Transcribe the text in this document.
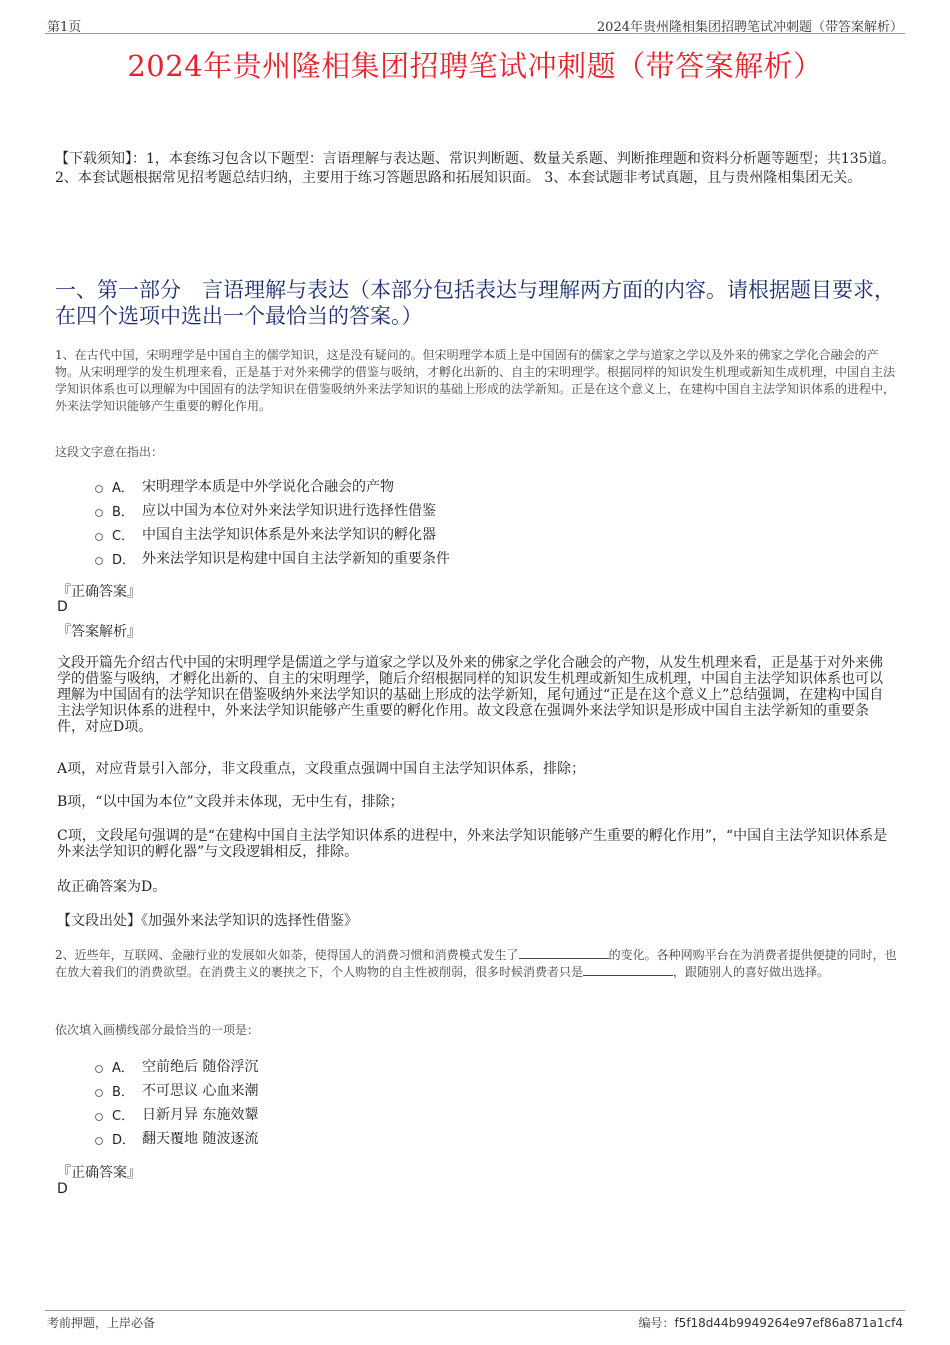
第1页	2024年贵州隆相集团招聘笔试冲刺题（带答案解析）
2024年贵州隆相集团招聘笔试冲刺题（带答案解析）
【下载须知】：1，本套练习包含以下题型：言语理解与表达题、常识判断题、数量关系题、判断推理题和资料分析题等题型；共135道。 2、本套试题根据常见招考题总结归纳，主要用于练习答题思路和拓展知识面。 3、本套试题非考试真题，且与贵州隆相集团无关。
一、第一部分　言语理解与表达（本部分包括表达与理解两方面的内容。请根据题目要求，在四个选项中选出一个最恰当的答案。）
1、在古代中国，宋明理学是中国自主的儒学知识，这是没有疑问的。但宋明理学本质上是中国固有的儒家之学与道家之学以及外来的佛家之学化合融会的产物。从宋明理学的发生机理来看，正是基于对外来佛学的借鉴与吸纳，才孵化出新的、自主的宋明理学。根据同样的知识发生机理或新知生成机理，中国自主法学知识体系也可以理解为中国固有的法学知识在借鉴吸纳外来法学知识的基础上形成的法学新知。正是在这个意义上，在建构中国自主法学知识体系的进程中，外来法学知识能够产生重要的孵化作用。
这段文字意在指出：
A． 宋明理学本质是中外学说化合融会的产物
B． 应以中国为本位对外来法学知识进行选择性借鉴
C． 中国自主法学知识体系是外来法学知识的孵化器
D． 外来法学知识是构建中国自主法学新知的重要条件
『正确答案』
D
『答案解析』
文段开篇先介绍古代中国的宋明理学是儒道之学与道家之学以及外来的佛家之学化合融会的产物，从发生机理来看，正是基于对外来佛学的借鉴与吸纳，才孵化出新的、自主的宋明理学，随后介绍根据同样的知识发生机理或新知生成机理，中国自主法学知识体系也可以理解为中国固有的法学知识在借鉴吸纳外来法学知识的基础上形成的法学新知，尾句通过“正是在这个意义上”总结强调，在建构中国自主法学知识体系的进程中，外来法学知识能够产生重要的孵化作用。故文段意在强调外来法学知识是形成中国自主法学新知的重要条件，对应D项。
A项，对应背景引入部分，非文段重点，文段重点强调中国自主法学知识体系，排除；
B项，“以中国为本位”文段并未体现，无中生有，排除；
C项，文段尾句强调的是“在建构中国自主法学知识体系的进程中，外来法学知识能够产生重要的孵化作用”，“中国自主法学知识体系是外来法学知识的孵化器”与文段逻辑相反，排除。
故正确答案为D。
【文段出处】《加强外来法学知识的选择性借鉴》
2、近些年，互联网、金融行业的发展如火如荼，使得国人的消费习惯和消费模式发生了	的变化。各种网购平台在为消费者提供便捷的同时，也在放大着我们的消费欲望。在消费主义的裹挟之下，个人购物的自主性被削弱，很多时候消费者只是	，跟随别人的喜好做出选择。
依次填入画横线部分最恰当的一项是：
A． 空前绝后 随俗浮沉
B． 不可思议 心血来潮
C． 日新月异 东施效颦
D． 翻天覆地 随波逐流
『正确答案』
D
考前押题，上岸必备	编号：f5f18d44b9949264e97ef86a871a1cf4
